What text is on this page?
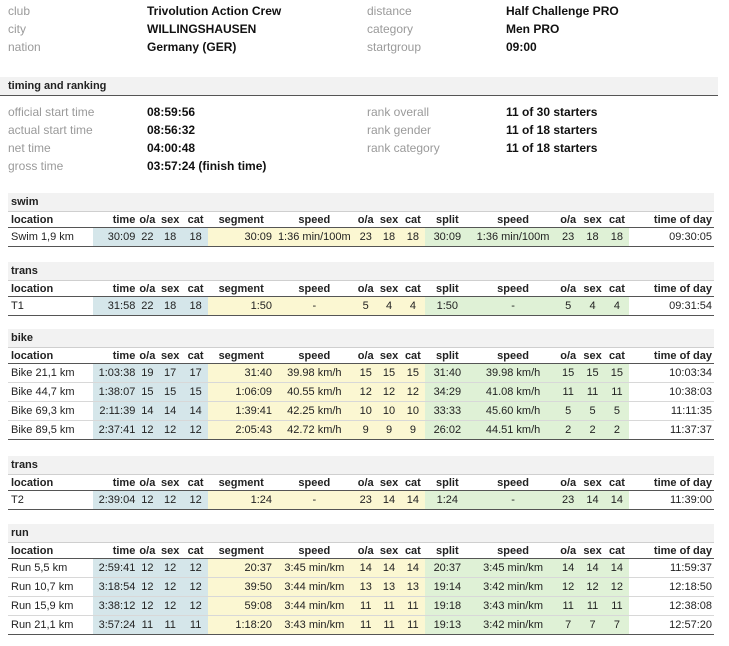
club	Trivolution Action Crew	distance	Half Challenge PRO
city	WILLINGSHAUSEN	category	Men PRO
nation	Germany (GER)	startgroup	09:00
timing and ranking
official start time	08:59:56	rank overall	11 of 30 starters
actual start time	08:56:32	rank gender	11 of 18 starters
net time	04:00:48	rank category	11 of 18 starters
gross time	03:57:24 (finish time)
swim
location	time	o/a	sex	cat	segment	speed	o/a	sex	cat	split	speed	o/a	sex	cat	time of day
Swim 1,9 km	30:09	22	18	18	30:09	1:36 min/100m	23	18	18	30:09	1:36 min/100m	23	18	18	09:30:05
trans
location	time	o/a	sex	cat	segment	speed	o/a	sex	cat	split	speed	o/a	sex	cat	time of day
T1	31:58	22	18	18	1:50	-	5	4	4	1:50	-	5	4	4	09:31:54
bike
location	time	o/a	sex	cat	segment	speed	o/a	sex	cat	split	speed	o/a	sex	cat	time of day
Bike 21,1 km	1:03:38	19	17	17	31:40	39.98 km/h	15	15	15	31:40	39.98 km/h	15	15	15	10:03:34
Bike 44,7 km	1:38:07	15	15	15	1:06:09	40.55 km/h	12	12	12	34:29	41.08 km/h	11	11	11	10:38:03
Bike 69,3 km	2:11:39	14	14	14	1:39:41	42.25 km/h	10	10	10	33:33	45.60 km/h	5	5	5	11:11:35
Bike 89,5 km	2:37:41	12	12	12	2:05:43	42.72 km/h	9	9	9	26:02	44.51 km/h	2	2	2	11:37:37
trans
location	time	o/a	sex	cat	segment	speed	o/a	sex	cat	split	speed	o/a	sex	cat	time of day
T2	2:39:04	12	12	12	1:24	-	23	14	14	1:24	-	23	14	14	11:39:00
run
location	time	o/a	sex	cat	segment	speed	o/a	sex	cat	split	speed	o/a	sex	cat	time of day
Run 5,5 km	2:59:41	12	12	12	20:37	3:45 min/km	14	14	14	20:37	3:45 min/km	14	14	14	11:59:37
Run 10,7 km	3:18:54	12	12	12	39:50	3:44 min/km	13	13	13	19:14	3:42 min/km	12	12	12	12:18:50
Run 15,9 km	3:38:12	12	12	12	59:08	3:44 min/km	11	11	11	19:18	3:43 min/km	11	11	11	12:38:08
Run 21,1 km	3:57:24	11	11	11	1:18:20	3:43 min/km	11	11	11	19:13	3:42 min/km	7	7	7	12:57:20
